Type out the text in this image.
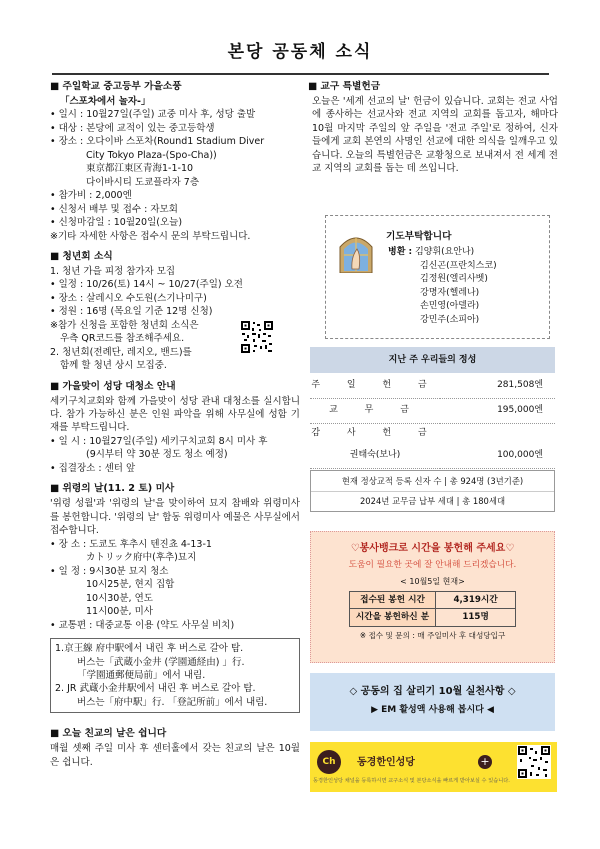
본당 공동체 소식
■ 주일학교 중고등부 가을소풍
「스포차에서 놀자-」
• 일시 : 10월27일(주일) 교중 미사 후, 성당 출발
• 대상 : 본당에 교적이 있는 중고등학생
• 장소 : 오다이바 스포차(Round1 Stadium Diver
City Tokyo Plaza-(Spo-Cha))
東京都江東区青海1-1-10
다이바시티 도쿄플라자 7층
• 참가비 : 2,000엔
• 신청서 배부 및 접수 : 자모회
• 신청마감일 : 10월20일(오늘)
※기타 자세한 사항은 접수시 문의 부탁드립니다.
■ 청년회 소식
1. 청년 가을 피정 참가자 모집
• 일정 : 10/26(토) 14시 ~ 10/27(주일) 오전
• 장소 : 살레시오 수도원(스기나미구)
• 정원 : 16명 (목요일 기준 12명 신청)
※참가 신청을 포함한 청년회 소식은
우측 QR코드를 참조해주세요.
2. 청년회(전례단, 레지오, 밴드)를
함께 할 청년 상시 모집중.
■ 가을맞이 성당 대청소 안내
세키구치교회와 함께 가을맞이 성당 관내 대청소를 실시합니다. 참가 가능하신 분은 인원 파악을 위해 사무실에 성함 기재를 부탁드립니다.
• 일 시 : 10월27일(주일) 세키구치교회 8시 미사 후
(9시부터 약 30분 정도 청소 예정)
• 집결장소 : 센터 앞
■ 위령의 날(11. 2 토) 미사
'위령 성월'과 '위령의 날'을 맞이하여 묘지 참배와 위령미사를 봉헌합니다. '위령의 날' 합동 위령미사 예물은 사무실에서 접수합니다.
• 장 소 : 도쿄도 후추시 텐진쵸 4-13-1
カトリック府中(후추)묘지
• 일 정 : 9시30분 묘지 청소
10시25분, 현지 집합
10시30분, 연도
11시00분, 미사
• 교통편 : 대중교통 이용 (약도 사무실 비치)
1.京王線 府中駅에서 내린 후 버스로 갈아 탐.
버스는「武蔵小金井 (学園通経由) 」行.
「学園通郵便局前」에서 내림.
2. JR 武蔵小金井駅에서 내린 후 버스로 갈아 탐.
버스는「府中駅」行. 「登記所前」에서 내림.
■ 오늘 친교의 날은 쉽니다
매월 셋째 주일 미사 후 센터홀에서 갖는 친교의 날은 10월은 쉽니다.
■ 교구 특별헌금
오늘은 '세계 선교의 날' 헌금이 있습니다. 교회는 전교 사업에 종사하는 선교사와 전교 지역의 교회를 돕고자, 해마다 10월 마지막 주일의 앞 주일을 '전교 주일'로 정하여, 신자들에게 교회 본연의 사명인 선교에 대한 의식을 일깨우고 있습니다. 오늘의 특별헌금은 교황청으로 보내져서 전 세계 전교 지역의 교회를 돕는 데 쓰입니다.
기도부탁합니다
병환 : 김양휘(요안나)
김신곤(프란치스코)
김정원(엘리사벳)
강명자(헬레나)
손민영(아델라)
강민주(소피아)
지난 주 우리들의 정성	
주 일 헌 금	281,508엔
교 무 금	195,000엔
감 사 헌 금	
권태숙(보나)	100,000엔
현재 정상교적 등록 신자 수 | 총 924명 (3년기준)
2024년 교무금 납부 세대 | 총 180세대
♡봉사뱅크로 시간을 봉헌해 주세요♡
도움이 필요한 곳에 잘 안내해 드리겠습니다.
< 10월5일 현재>
접수된 봉헌 시간	4,319시간
시간을 봉헌하신 분	115명
※ 접수 및 문의 : 매 주일미사 후 대성당입구
◇ 공동의 집 살리기 10월 실천사항 ◇
▶ EM 활성액 사용해 봅시다 ◀
Ch	동경한인성당	+
동경한인성당 채널을 등록하시면 교구소식 및 본당소식을 빠르게 받아보실 수 있습니다.
